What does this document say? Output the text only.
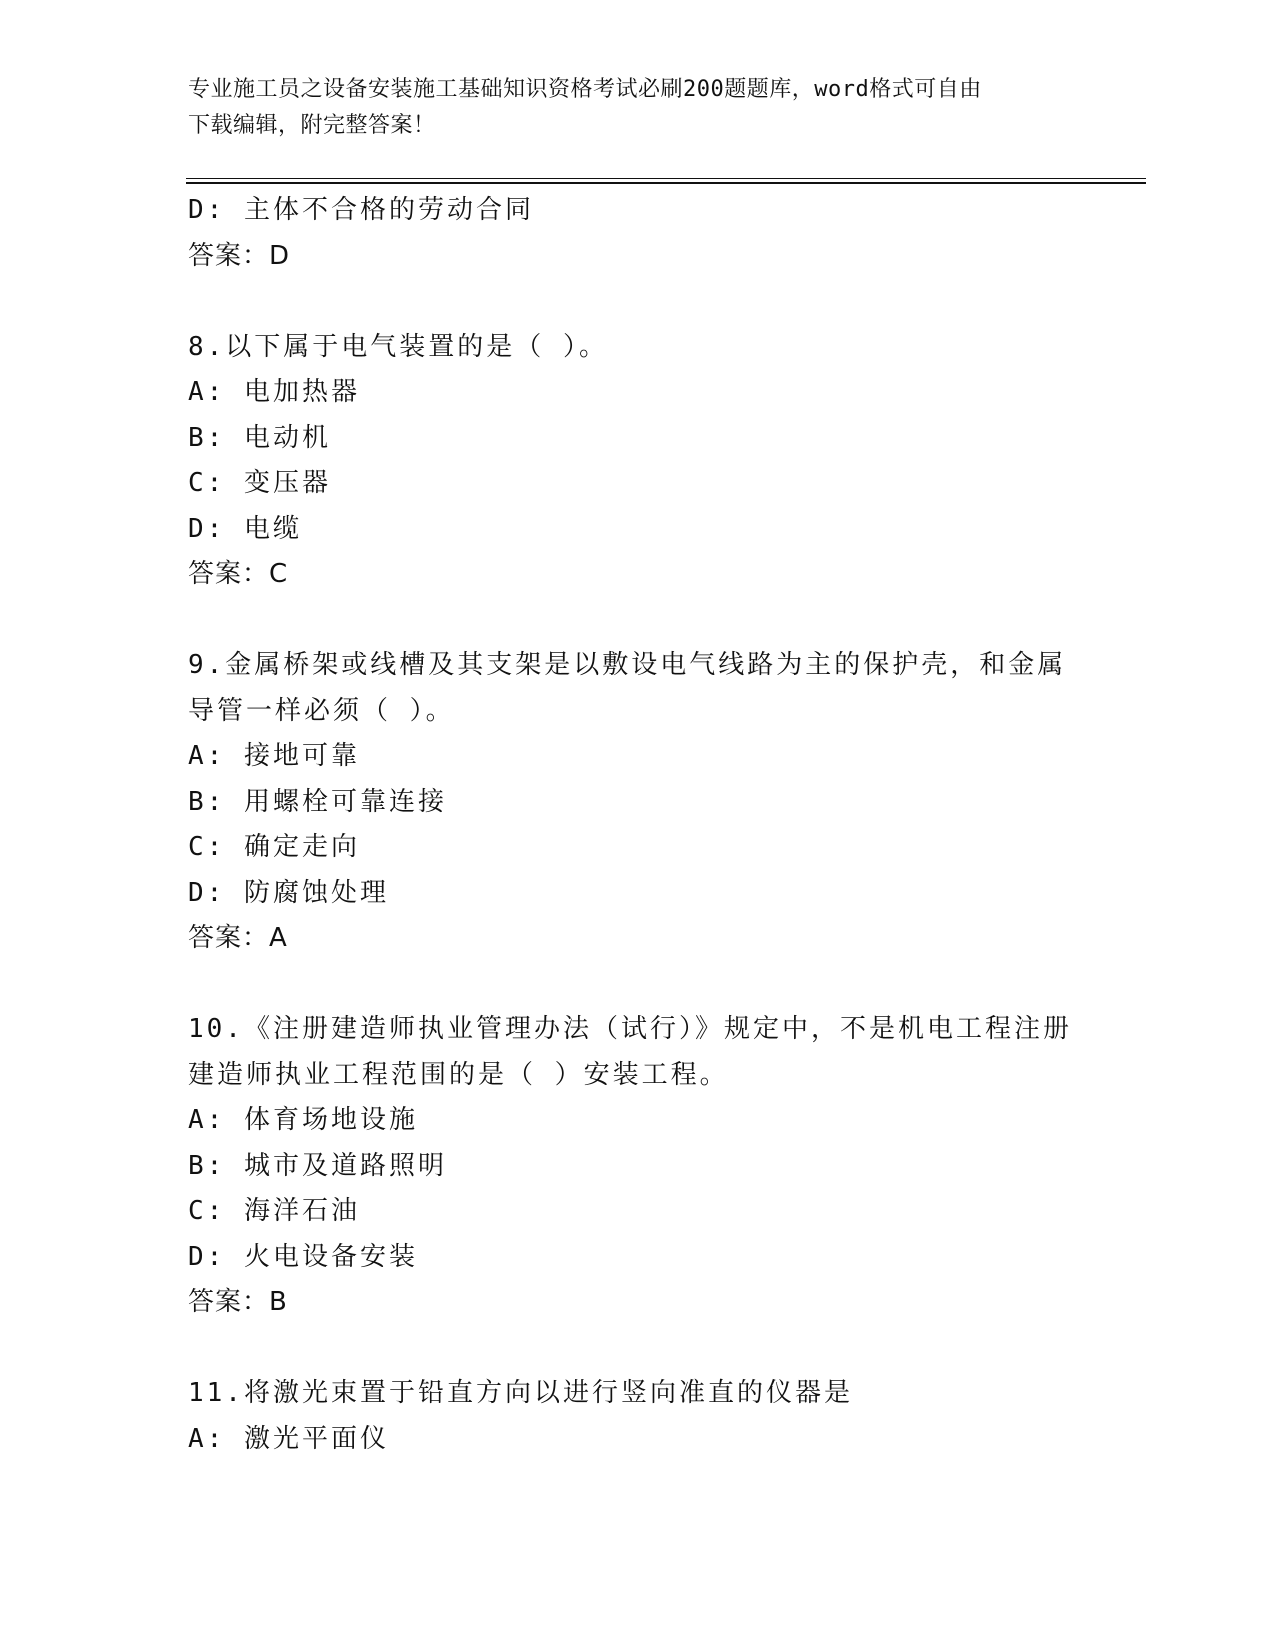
专业施工员之设备安装施工基础知识资格考试必刷200题题库，word格式可自由
下载编辑，附完整答案！
D: 主体不合格的劳动合同
答案：D
8.以下属于电气装置的是（ ）。
A: 电加热器
B: 电动机
C: 变压器
D: 电缆
答案：C
9.金属桥架或线槽及其支架是以敷设电气线路为主的保护壳，和金属
导管一样必须（ ）。
A: 接地可靠
B: 用螺栓可靠连接
C: 确定走向
D: 防腐蚀处理
答案：A
10.《注册建造师执业管理办法（试行）》规定中，不是机电工程注册
建造师执业工程范围的是（ ）安装工程。
A: 体育场地设施
B: 城市及道路照明
C: 海洋石油
D: 火电设备安装
答案：B
11.将激光束置于铅直方向以进行竖向准直的仪器是
A: 激光平面仪
